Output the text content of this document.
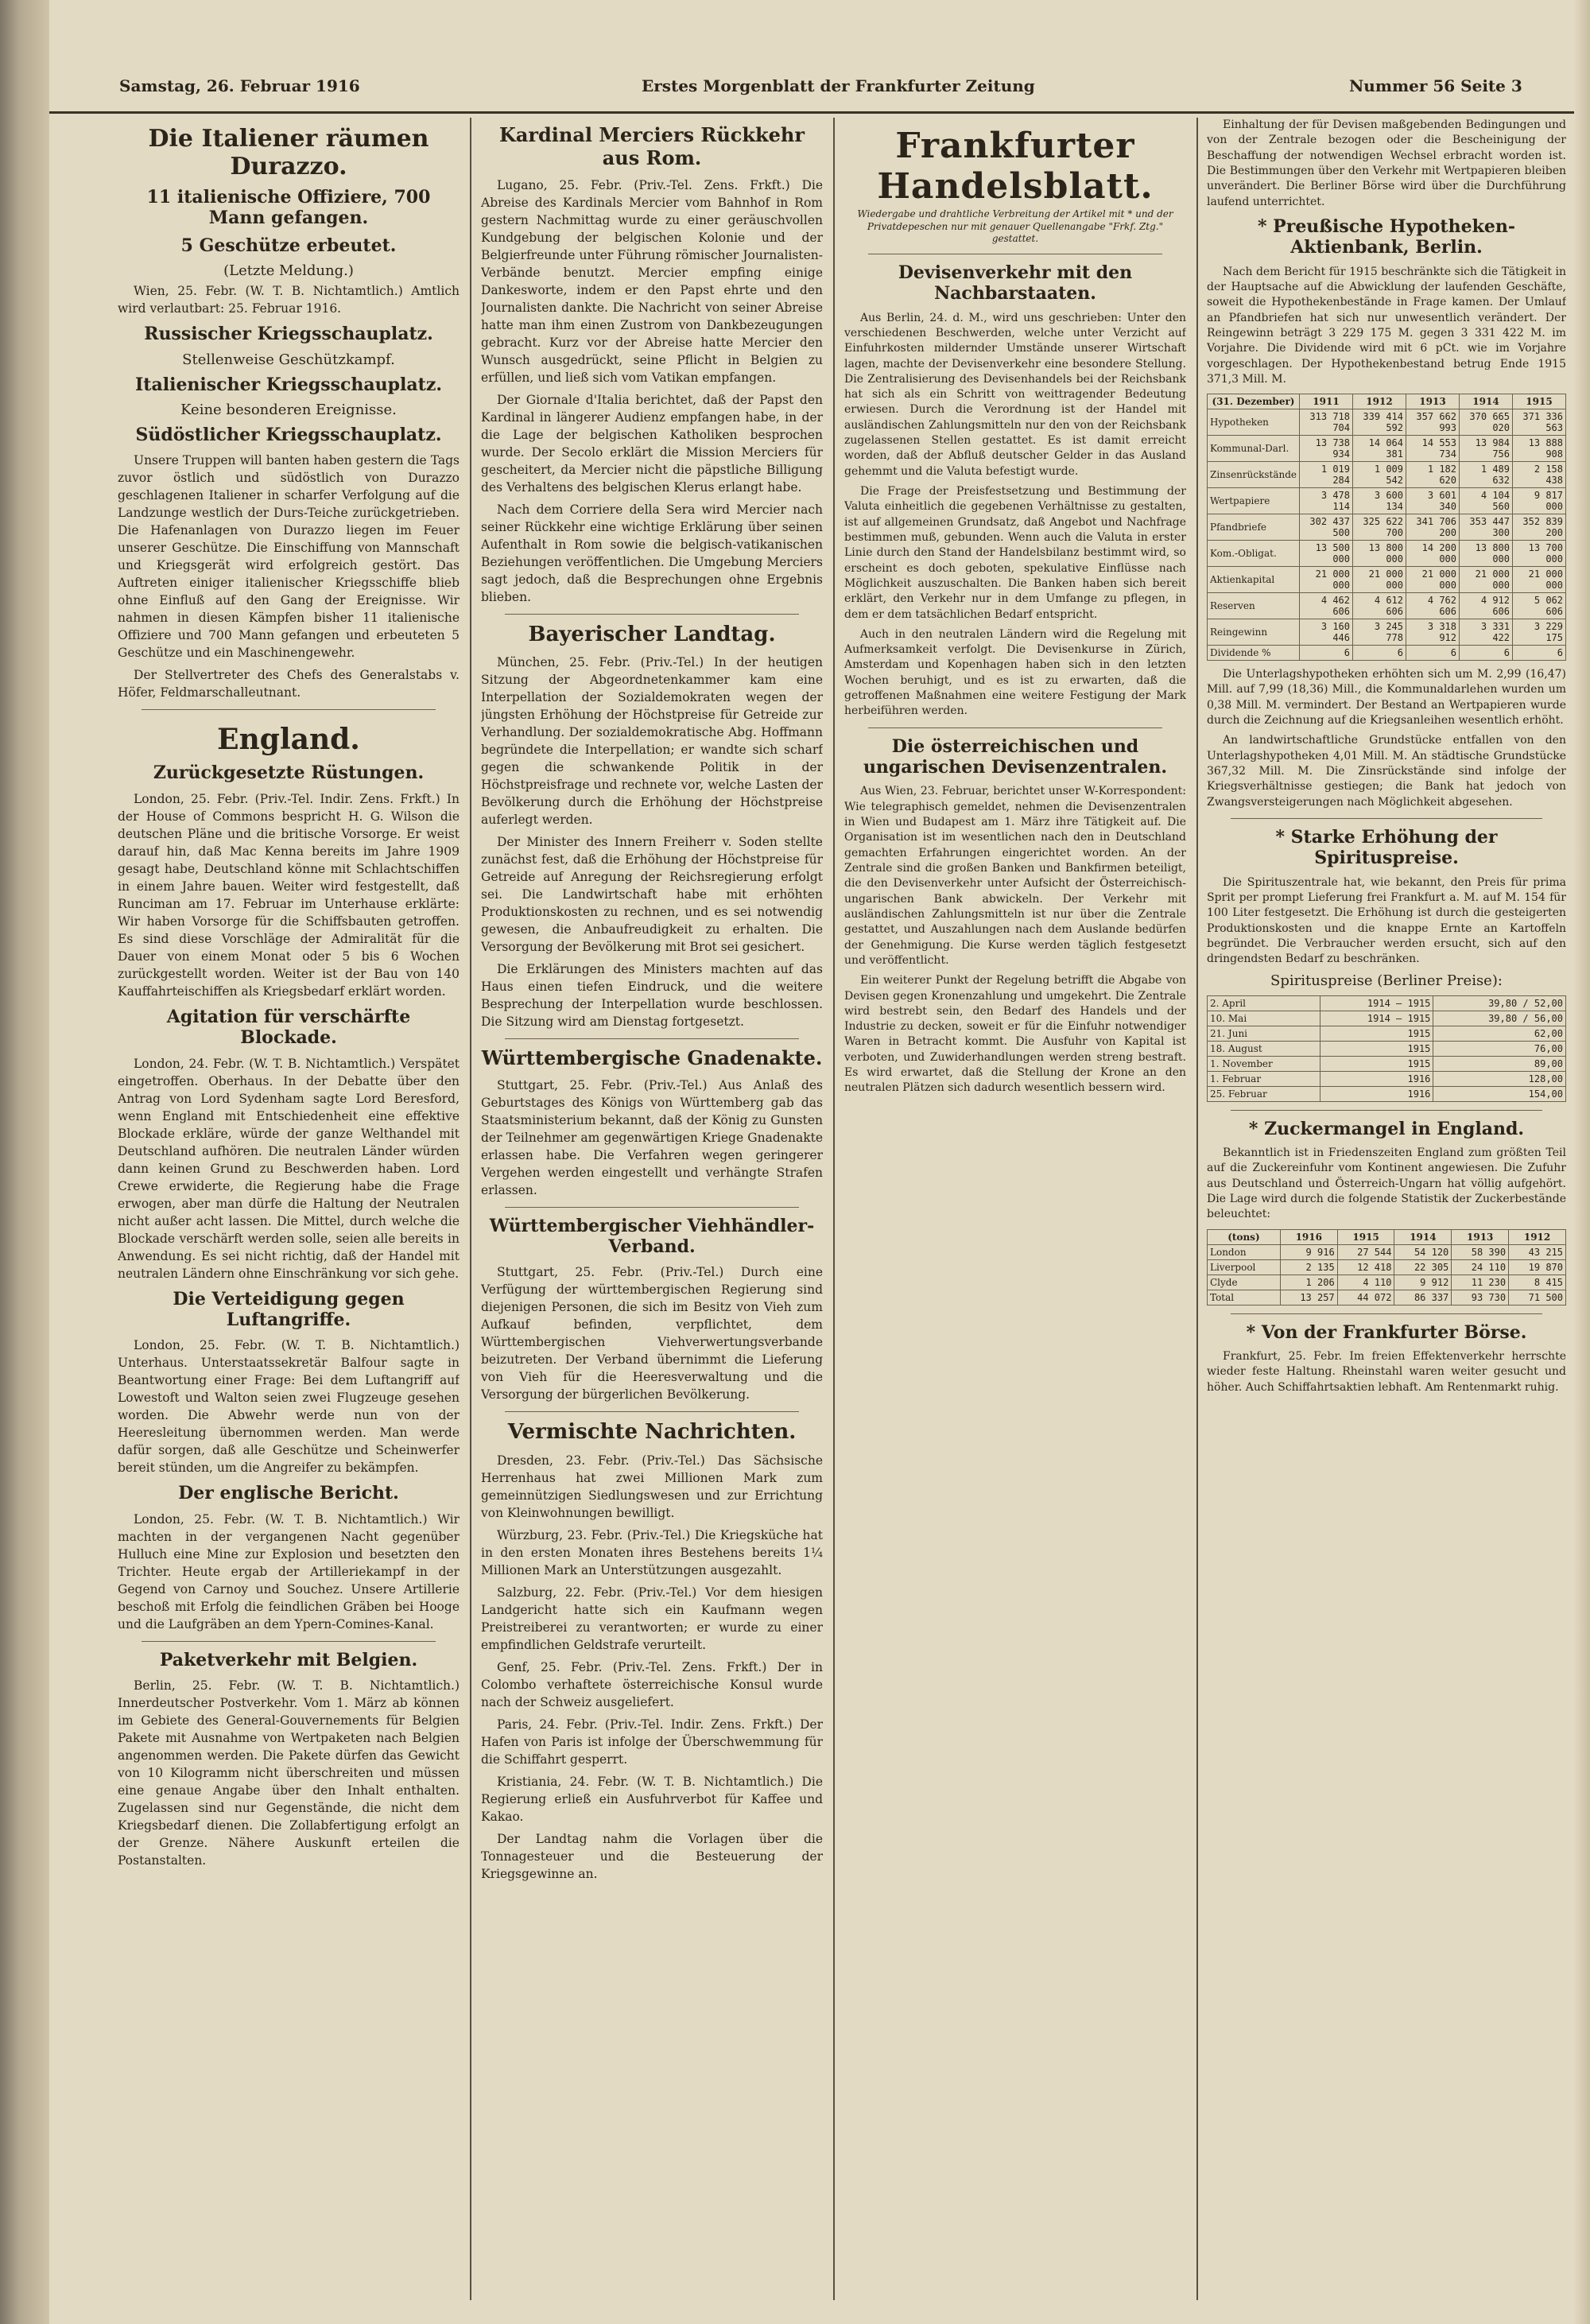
Samstag, 26. Februar 1916	Erstes Morgenblatt der Frankfurter Zeitung	Nummer 56 Seite 3
Die Italiener räumen Durazzo.
11 italienische Offiziere, 700 Mann gefangen.
5 Geschütze erbeutet.
(Letzte Meldung.)

Wien, 25. Febr. (W. T. B. Nichtamtlich.) Amtlich wird verlautbart: 25. Februar 1916.

Russischer Kriegsschauplatz.
Stellenweise Geschützkampf.
Italienischer Kriegsschauplatz.
Keine besonderen Ereignisse.
Südöstlicher Kriegsschauplatz.

Unsere Truppen will banten haben gestern die Tags zuvor östlich und südöstlich von Durazzo geschlagenen Italiener in scharfer Verfolgung auf die Landzunge westlich der Durs-Teiche zurückgetrieben. Die Hafenanlagen von Durazzo liegen im Feuer unserer Geschütze. Die Einschiffung von Mannschaft und Kriegsgerät wird erfolgreich gestört. Das Auftreten einiger italienischer Kriegsschiffe blieb ohne Einfluß auf den Gang der Ereignisse. Wir nahmen in diesen Kämpfen bisher 11 italienische Offiziere und 700 Mann gefangen und erbeuteten 5 Geschütze und ein Maschinengewehr.

Der Stellvertreter des Chefs des Generalstabs v. Höfer, Feldmarschalleutnant.

England.
Zurückgesetzte Rüstungen.

London, 25. Febr. (Priv.-Tel. Indir. Zens. Frkft.) In der House of Commons bespricht H. G. Wilson die deutschen Pläne und die britische Vorsorge. Er weist darauf hin, daß Mac Kenna bereits im Jahre 1909 gesagt habe, Deutschland könne mit Schlachtschiffen in einem Jahre bauen. Weiter wird festgestellt, daß Runciman am 17. Februar im Unterhause erklärte: Wir haben Vorsorge für die Schiffsbauten getroffen. Es sind diese Vorschläge der Admiralität für die Dauer von einem Monat oder 5 bis 6 Wochen zurückgestellt worden. Weiter ist der Bau von 140 Kauffahrteischiffen als Kriegsbedarf erklärt worden.

Agitation für verschärfte Blockade.

London, 24. Febr. (W. T. B. Nichtamtlich.) Verspätet eingetroffen. Oberhaus. In der Debatte über den Antrag von Lord Sydenham sagte Lord Beresford, wenn England mit Entschiedenheit eine effektive Blockade erkläre, würde der ganze Welthandel mit Deutschland aufhören. Die neutralen Länder würden dann keinen Grund zu Beschwerden haben. Lord Crewe erwiderte, die Regierung habe die Frage erwogen, aber man dürfe die Haltung der Neutralen nicht außer acht lassen. Die Mittel, durch welche die Blockade verschärft werden solle, seien alle bereits in Anwendung. Es sei nicht richtig, daß der Handel mit neutralen Ländern ohne Einschränkung vor sich gehe.

Die Verteidigung gegen Luftangriffe.

London, 25. Febr. (W. T. B. Nichtamtlich.) Unterhaus. Unterstaatssekretär Balfour sagte in Beantwortung einer Frage: Bei dem Luftangriff auf Lowestoft und Walton seien zwei Flugzeuge gesehen worden. Die Abwehr werde nun von der Heeresleitung übernommen werden. Man werde dafür sorgen, daß alle Geschütze und Scheinwerfer bereit stünden, um die Angreifer zu bekämpfen.

Der englische Bericht.

London, 25. Febr. (W. T. B. Nichtamtlich.) Wir machten in der vergangenen Nacht gegenüber Hulluch eine Mine zur Explosion und besetzten den Trichter. Heute ergab der Artilleriekampf in der Gegend von Carnoy und Souchez. Unsere Artillerie beschoß mit Erfolg die feindlichen Gräben bei Hooge und die Laufgräben an dem Ypern-Comines-Kanal.

Paketverkehr mit Belgien.

Berlin, 25. Febr. (W. T. B. Nichtamtlich.) Innerdeutscher Postverkehr. Vom 1. März ab können im Gebiete des General-Gouvernements für Belgien Pakete mit Ausnahme von Wertpaketen nach Belgien angenommen werden. Die Pakete dürfen das Gewicht von 10 Kilogramm nicht überschreiten und müssen eine genaue Angabe über den Inhalt enthalten. Zugelassen sind nur Gegenstände, die nicht dem Kriegsbedarf dienen. Die Zollabfertigung erfolgt an der Grenze. Nähere Auskunft erteilen die Postanstalten.

Kardinal Merciers Rückkehr aus Rom.

Lugano, 25. Febr. (Priv.-Tel. Zens. Frkft.) Die Abreise des Kardinals Mercier vom Bahnhof in Rom gestern Nachmittag wurde zu einer geräuschvollen Kundgebung der belgischen Kolonie und der Belgierfreunde unter Führung römischer Journalisten-Verbände benutzt. Mercier empfing einige Dankesworte, indem er den Papst ehrte und den Journalisten dankte. Die Nachricht von seiner Abreise hatte man ihm einen Zustrom von Dankbezeugungen gebracht. Kurz vor der Abreise hatte Mercier den Wunsch ausgedrückt, seine Pflicht in Belgien zu erfüllen, und ließ sich vom Vatikan empfangen.

Der Giornale d'Italia berichtet, daß der Papst den Kardinal in längerer Audienz empfangen habe, in der die Lage der belgischen Katholiken besprochen wurde. Der Secolo erklärt die Mission Merciers für gescheitert, da Mercier nicht die päpstliche Billigung des Verhaltens des belgischen Klerus erlangt habe.

Nach dem Corriere della Sera wird Mercier nach seiner Rückkehr eine wichtige Erklärung über seinen Aufenthalt in Rom sowie die belgisch-vatikanischen Beziehungen veröffentlichen. Die Umgebung Merciers sagt jedoch, daß die Besprechungen ohne Ergebnis blieben.

Bayerischer Landtag.

München, 25. Febr. (Priv.-Tel.) In der heutigen Sitzung der Abgeordnetenkammer kam eine Interpellation der Sozialdemokraten wegen der jüngsten Erhöhung der Höchstpreise für Getreide zur Verhandlung. Der sozialdemokratische Abg. Hoffmann begründete die Interpellation; er wandte sich scharf gegen die schwankende Politik in der Höchstpreisfrage und rechnete vor, welche Lasten der Bevölkerung durch die Erhöhung der Höchstpreise auferlegt werden.

Der Minister des Innern Freiherr v. Soden stellte zunächst fest, daß die Erhöhung der Höchstpreise für Getreide auf Anregung der Reichsregierung erfolgt sei. Die Landwirtschaft habe mit erhöhten Produktionskosten zu rechnen, und es sei notwendig gewesen, die Anbaufreudigkeit zu erhalten. Die Versorgung der Bevölkerung mit Brot sei gesichert.

Die Erklärungen des Ministers machten auf das Haus einen tiefen Eindruck, und die weitere Besprechung der Interpellation wurde beschlossen. Die Sitzung wird am Dienstag fortgesetzt.

Württembergische Gnadenakte.

Stuttgart, 25. Febr. (Priv.-Tel.) Aus Anlaß des Geburtstages des Königs von Württemberg gab das Staatsministerium bekannt, daß der König zu Gunsten der Teilnehmer am gegenwärtigen Kriege Gnadenakte erlassen habe. Die Verfahren wegen geringerer Vergehen werden eingestellt und verhängte Strafen erlassen.

Württembergischer Viehhändler-Verband.

Stuttgart, 25. Febr. (Priv.-Tel.) Durch eine Verfügung der württembergischen Regierung sind diejenigen Personen, die sich im Besitz von Vieh zum Aufkauf befinden, verpflichtet, dem Württembergischen Viehverwertungsverbande beizutreten. Der Verband übernimmt die Lieferung von Vieh für die Heeresverwaltung und die Versorgung der bürgerlichen Bevölkerung.

Vermischte Nachrichten.

Dresden, 23. Febr. (Priv.-Tel.) Das Sächsische Herrenhaus hat zwei Millionen Mark zum gemeinnützigen Siedlungswesen und zur Errichtung von Kleinwohnungen bewilligt.

Würzburg, 23. Febr. (Priv.-Tel.) Die Kriegsküche hat in den ersten Monaten ihres Bestehens bereits 1¼ Millionen Mark an Unterstützungen ausgezahlt.

Salzburg, 22. Febr. (Priv.-Tel.) Vor dem hiesigen Landgericht hatte sich ein Kaufmann wegen Preistreiberei zu verantworten; er wurde zu einer empfindlichen Geldstrafe verurteilt.

Genf, 25. Febr. (Priv.-Tel. Zens. Frkft.) Der in Colombo verhaftete österreichische Konsul wurde nach der Schweiz ausgeliefert.

Paris, 24. Febr. (Priv.-Tel. Indir. Zens. Frkft.) Der Hafen von Paris ist infolge der Überschwemmung für die Schiffahrt gesperrt.

Kristiania, 24. Febr. (W. T. B. Nichtamtlich.) Die Regierung erließ ein Ausfuhrverbot für Kaffee und Kakao.

Der Landtag nahm die Vorlagen über die Tonnagesteuer und die Besteuerung der Kriegsgewinne an.

Frankfurter Handelsblatt.
Wiedergabe und drahtliche Verbreitung der Artikel mit * und der Privatdepeschen nur mit genauer Quellenangabe "Frkf. Ztg." gestattet.
Devisenverkehr mit den Nachbarstaaten.

Aus Berlin, 24. d. M., wird uns geschrieben: Unter den verschiedenen Beschwerden, welche unter Verzicht auf Einfuhrkosten mildernder Umstände unserer Wirtschaft lagen, machte der Devisenverkehr eine besondere Stellung. Die Zentralisierung des Devisenhandels bei der Reichsbank hat sich als ein Schritt von weittragender Bedeutung erwiesen. Durch die Verordnung ist der Handel mit ausländischen Zahlungsmitteln nur den von der Reichsbank zugelassenen Stellen gestattet. Es ist damit erreicht worden, daß der Abfluß deutscher Gelder in das Ausland gehemmt und die Valuta befestigt wurde.

Die Frage der Preisfestsetzung und Bestimmung der Valuta einheitlich die gegebenen Verhältnisse zu gestalten, ist auf allgemeinen Grundsatz, daß Angebot und Nachfrage bestimmen muß, gebunden. Wenn auch die Valuta in erster Linie durch den Stand der Handelsbilanz bestimmt wird, so erscheint es doch geboten, spekulative Einflüsse nach Möglichkeit auszuschalten. Die Banken haben sich bereit erklärt, den Verkehr nur in dem Umfange zu pflegen, in dem er dem tatsächlichen Bedarf entspricht.

Auch in den neutralen Ländern wird die Regelung mit Aufmerksamkeit verfolgt. Die Devisenkurse in Zürich, Amsterdam und Kopenhagen haben sich in den letzten Wochen beruhigt, und es ist zu erwarten, daß die getroffenen Maßnahmen eine weitere Festigung der Mark herbeiführen werden.

Die österreichischen und ungarischen Devisenzentralen.

Aus Wien, 23. Februar, berichtet unser W-Korrespondent: Wie telegraphisch gemeldet, nehmen die Devisenzentralen in Wien und Budapest am 1. März ihre Tätigkeit auf. Die Organisation ist im wesentlichen nach den in Deutschland gemachten Erfahrungen eingerichtet worden. An der Zentrale sind die großen Banken und Bankfirmen beteiligt, die den Devisenverkehr unter Aufsicht der Österreichisch-ungarischen Bank abwickeln. Der Verkehr mit ausländischen Zahlungsmitteln ist nur über die Zentrale gestattet, und Auszahlungen nach dem Auslande bedürfen der Genehmigung. Die Kurse werden täglich festgesetzt und veröffentlicht.

Ein weiterer Punkt der Regelung betrifft die Abgabe von Devisen gegen Kronenzahlung und umgekehrt. Die Zentrale wird bestrebt sein, den Bedarf des Handels und der Industrie zu decken, soweit er für die Einfuhr notwendiger Waren in Betracht kommt. Die Ausfuhr von Kapital ist verboten, und Zuwiderhandlungen werden streng bestraft. Es wird erwartet, daß die Stellung der Krone an den neutralen Plätzen sich dadurch wesentlich bessern wird.

Einhaltung der für Devisen maßgebenden Bedingungen und von der Zentrale bezogen oder die Bescheinigung der Beschaffung der notwendigen Wechsel erbracht worden ist. Die Bestimmungen über den Verkehr mit Wertpapieren bleiben unverändert. Die Berliner Börse wird über die Durchführung laufend unterrichtet.

* Preußische Hypotheken-Aktienbank, Berlin.

Nach dem Bericht für 1915 beschränkte sich die Tätigkeit in der Hauptsache auf die Abwicklung der laufenden Geschäfte, soweit die Hypothekenbestände in Frage kamen. Der Umlauf an Pfandbriefen hat sich nur unwesentlich verändert. Der Reingewinn beträgt 3 229 175 M. gegen 3 331 422 M. im Vorjahre. Die Dividende wird mit 6 pCt. wie im Vorjahre vorgeschlagen. Der Hypothekenbestand betrug Ende 1915 371,3 Mill. M.

(31. Dezember)	1911	1912	1913	1914	1915
Hypotheken	313 718 704	339 414 592	357 662 993	370 665 020	371 336 563
Kommunal-Darl.	13 738 934	14 064 381	14 553 734	13 984 756	13 888 908
Zinsenrückstände	1 019 284	1 009 542	1 182 620	1 489 632	2 158 438
Wertpapiere	3 478 114	3 600 134	3 601 340	4 104 560	9 817 000
Pfandbriefe	302 437 500	325 622 700	341 706 200	353 447 300	352 839 200
Kom.-Obligat.	13 500 000	13 800 000	14 200 000	13 800 000	13 700 000
Aktienkapital	21 000 000	21 000 000	21 000 000	21 000 000	21 000 000
Reserven	4 462 606	4 612 606	4 762 606	4 912 606	5 062 606
Reingewinn	3 160 446	3 245 778	3 318 912	3 331 422	3 229 175
Dividende %	6	6	6	6	6

Die Unterlagshypotheken erhöhten sich um M. 2,99 (16,47) Mill. auf 7,99 (18,36) Mill., die Kommunaldarlehen wurden um 0,38 Mill. M. vermindert. Der Bestand an Wertpapieren wurde durch die Zeichnung auf die Kriegsanleihen wesentlich erhöht.

An landwirtschaftliche Grundstücke entfallen von den Unterlagshypotheken 4,01 Mill. M. An städtische Grundstücke 367,32 Mill. M. Die Zinsrückstände sind infolge der Kriegsverhältnisse gestiegen; die Bank hat jedoch von Zwangsversteigerungen nach Möglichkeit abgesehen.

* Starke Erhöhung der Spirituspreise.

Die Spirituszentrale hat, wie bekannt, den Preis für prima Sprit per prompt Lieferung frei Frankfurt a. M. auf M. 154 für 100 Liter festgesetzt. Die Erhöhung ist durch die gesteigerten Produktionskosten und die knappe Ernte an Kartoffeln begründet. Die Verbraucher werden ersucht, sich auf den dringendsten Bedarf zu beschränken.

Spirituspreise (Berliner Preise):
2. April	1914 — 1915	39,80 / 52,00
10. Mai	1914 — 1915	39,80 / 56,00
21. Juni	1915	62,00
18. August	1915	76,00
1. November	1915	89,00
1. Februar	1916	128,00
25. Februar	1916	154,00
* Zuckermangel in England.

Bekanntlich ist in Friedenszeiten England zum größten Teil auf die Zuckereinfuhr vom Kontinent angewiesen. Die Zufuhr aus Deutschland und Österreich-Ungarn hat völlig aufgehört. Die Lage wird durch die folgende Statistik der Zuckerbestände beleuchtet:

(tons)	1916	1915	1914	1913	1912
London	9 916	27 544	54 120	58 390	43 215
Liverpool	2 135	12 418	22 305	24 110	19 870
Clyde	1 206	4 110	9 912	11 230	8 415
Total	13 257	44 072	86 337	93 730	71 500
* Von der Frankfurter Börse.

Frankfurt, 25. Febr. Im freien Effektenverkehr herrschte wieder feste Haltung. Rheinstahl waren weiter gesucht und höher. Auch Schiffahrtsaktien lebhaft. Am Rentenmarkt ruhig.
